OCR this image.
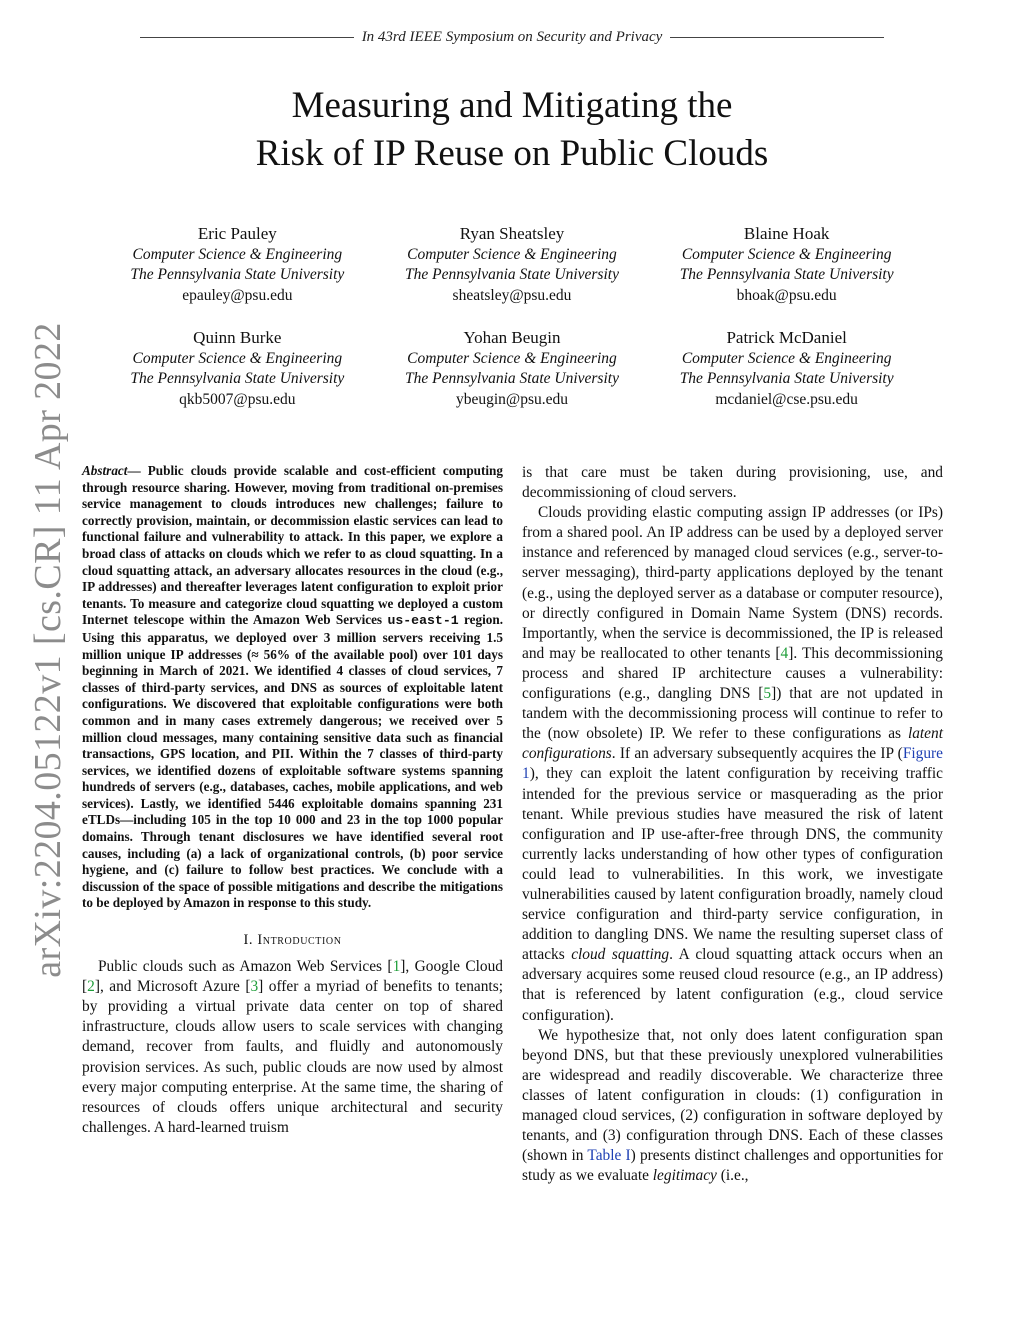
In 43rd IEEE Symposium on Security and Privacy
Measuring and Mitigating the
Risk of IP Reuse on Public Clouds
Eric Pauley
Computer Science & Engineering
The Pennsylvania State University
epauley@psu.edu
Ryan Sheatsley
Computer Science & Engineering
The Pennsylvania State University
sheatsley@psu.edu
Blaine Hoak
Computer Science & Engineering
The Pennsylvania State University
bhoak@psu.edu
Quinn Burke
Computer Science & Engineering
The Pennsylvania State University
qkb5007@psu.edu
Yohan Beugin
Computer Science & Engineering
The Pennsylvania State University
ybeugin@psu.edu
Patrick McDaniel
Computer Science & Engineering
The Pennsylvania State University
mcdaniel@cse.psu.edu
arXiv:2204.05122v1 [cs.CR] 11 Apr 2022 Abstract— Public clouds provide scalable and cost-efficient computing through resource sharing. However, moving from traditional on-premises service management to clouds introduces new challenges; failure to correctly provision, maintain, or decommission elastic services can lead to functional failure and vulnerability to attack. In this paper, we explore a broad class of attacks on clouds which we refer to as cloud squatting. In a cloud squatting attack, an adversary allocates resources in the cloud (e.g., IP addresses) and thereafter leverages latent configuration to exploit prior tenants. To measure and categorize cloud squatting we deployed a custom Internet telescope within the Amazon Web Services us-east-1 region. Using this apparatus, we deployed over 3 million servers receiving 1.5 million unique IP addresses (≈ 56% of the available pool) over 101 days beginning in March of 2021. We identified 4 classes of cloud services, 7 classes of third-party services, and DNS as sources of exploitable latent configurations. We discovered that exploitable configurations were both common and in many cases extremely dangerous; we received over 5 million cloud messages, many containing sensitive data such as financial transactions, GPS location, and PII. Within the 7 classes of third-party services, we identified dozens of exploitable software systems spanning hundreds of servers (e.g., databases, caches, mobile applications, and web services). Lastly, we identified 5446 exploitable domains spanning 231 eTLDs—including 105 in the top 10 000 and 23 in the top 1000 popular domains. Through tenant disclosures we have identified several root causes, including (a) a lack of organizational controls, (b) poor service hygiene, and (c) failure to follow best practices. We conclude with a discussion of the space of possible mitigations and describe the mitigations to be deployed by Amazon in response to this study.

I. Introduction

Public clouds such as Amazon Web Services [1], Google Cloud [2], and Microsoft Azure [3] offer a myriad of benefits to tenants; by providing a virtual private data center on top of shared infrastructure, clouds allow users to scale services with changing demand, recover from faults, and fluidly and autonomously provision services. As such, public clouds are now used by almost every major computing enterprise. At the same time, the sharing of resources of clouds offers unique architectural and security challenges. A hard-learned truism

is that care must be taken during provisioning, use, and decommissioning of cloud servers.

Clouds providing elastic computing assign IP addresses (or IPs) from a shared pool. An IP address can be used by a deployed server instance and referenced by managed cloud services (e.g., server-to-server messaging), third-party applications deployed by the tenant (e.g., using the deployed server as a database or computer resource), or directly configured in Domain Name System (DNS) records. Importantly, when the service is decommissioned, the IP is released and may be reallocated to other tenants [4]. This decommissioning process and shared IP architecture causes a vulnerability: configurations (e.g., dangling DNS [5]) that are not updated in tandem with the decommissioning process will continue to refer to the (now obsolete) IP. We refer to these configurations as latent configurations. If an adversary subsequently acquires the IP (Figure 1), they can exploit the latent configuration by receiving traffic intended for the previous service or masquerading as the prior tenant. While previous studies have measured the risk of latent configuration and IP use-after-free through DNS, the community currently lacks understanding of how other types of configuration could lead to vulnerabilities. In this work, we investigate vulnerabilities caused by latent configuration broadly, namely cloud service configuration and third-party service configuration, in addition to dangling DNS. We name the resulting superset class of attacks cloud squatting. A cloud squatting attack occurs when an adversary acquires some reused cloud resource (e.g., an IP address) that is referenced by latent configuration (e.g., cloud service configuration).

We hypothesize that, not only does latent configuration span beyond DNS, but that these previously unexplored vulnerabilities are widespread and readily discoverable. We characterize three classes of latent configuration in clouds: (1) configuration in managed cloud services, (2) configuration in software deployed by tenants, and (3) configuration through DNS. Each of these classes (shown in Table I) presents distinct challenges and opportunities for study as we evaluate legitimacy (i.e.,
